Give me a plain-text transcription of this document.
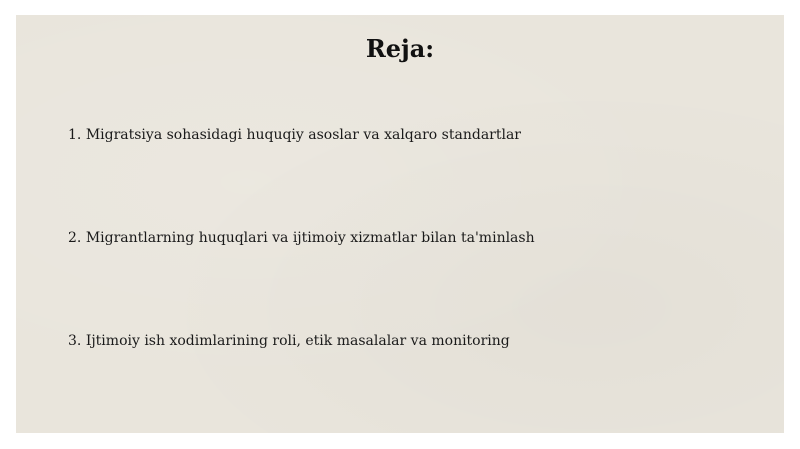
Reja:
1. Migratsiya sohasidagi huquqiy asoslar va xalqaro standartlar
2. Migrantlarning huquqlari va ijtimoiy xizmatlar bilan ta'minlash
3. Ijtimoiy ish xodimlarining roli, etik masalalar va monitoring
